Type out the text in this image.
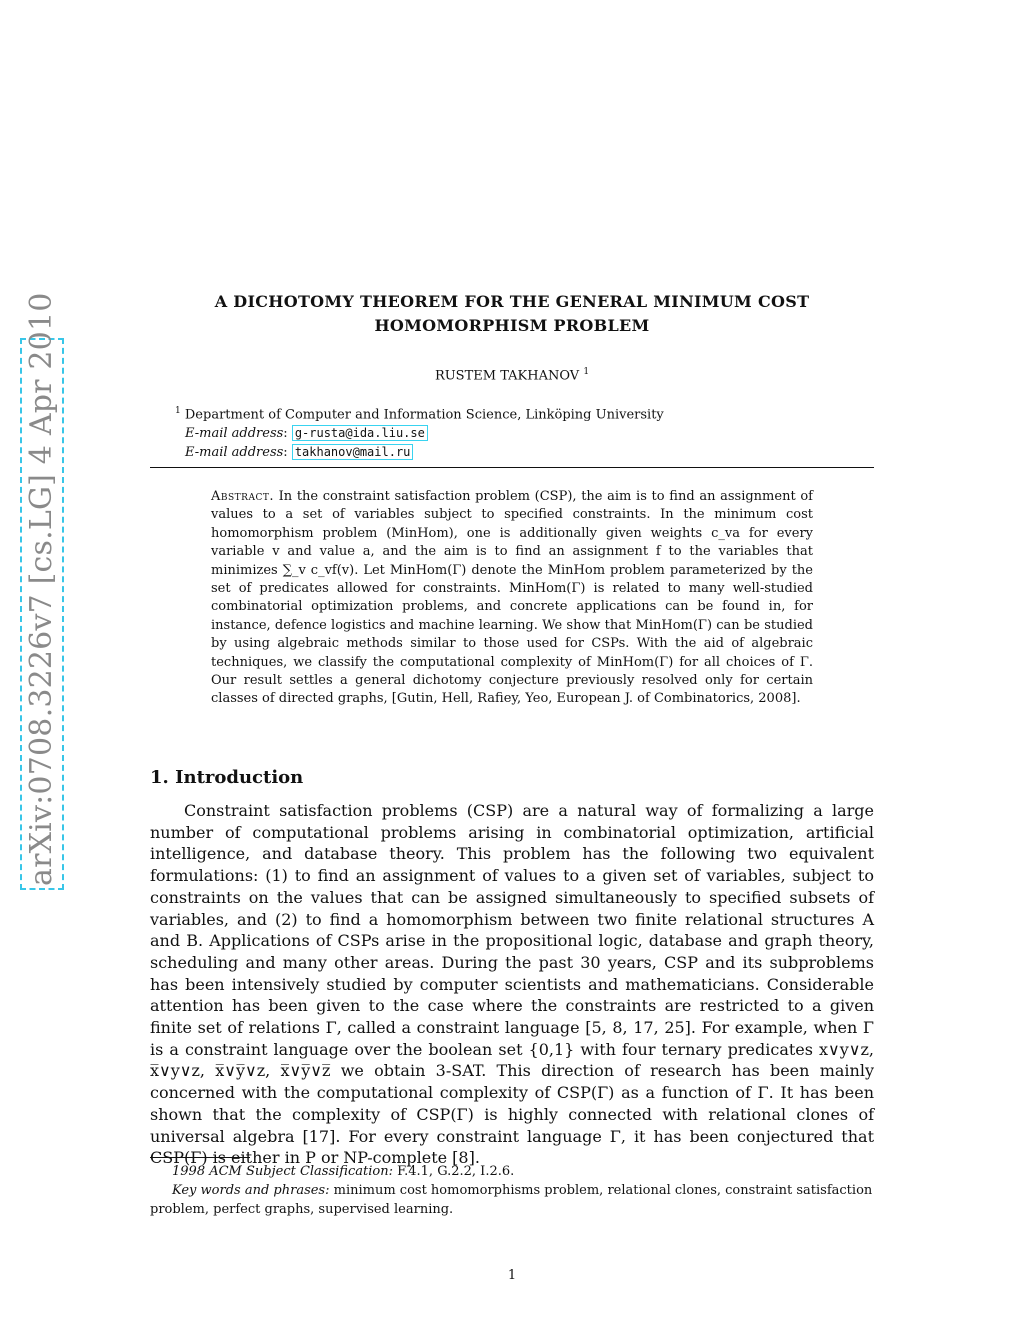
arXiv:0708.3226v7 [cs.LG] 4 Apr 2010	A DICHOTOMY THEOREM FOR THE GENERAL MINIMUM COST HOMOMORPHISM PROBLEM
RUSTEM TAKHANOV $^1$
$^1$ Department of Computer and Information Science, Linköping University
E-mail address: g-rusta@ida.liu.se
E-mail address: takhanov@mail.ru
Abstract. In the constraint satisfaction problem (CSP), the aim is to find an assignment of values to a set of variables subject to specified constraints. In the minimum cost homomorphism problem (MinHom), one is additionally given weights c_va for every variable v and value a, and the aim is to find an assignment f to the variables that minimizes ∑_v c_vf(v). Let MinHom(Γ) denote the MinHom problem parameterized by the set of predicates allowed for constraints. MinHom(Γ) is related to many well-studied combinatorial optimization problems, and concrete applications can be found in, for instance, defence logistics and machine learning. We show that MinHom(Γ) can be studied by using algebraic methods similar to those used for CSPs. With the aid of algebraic techniques, we classify the computational complexity of MinHom(Γ) for all choices of Γ. Our result settles a general dichotomy conjecture previously resolved only for certain classes of directed graphs, [Gutin, Hell, Rafiey, Yeo, European J. of Combinatorics, 2008].
1. Introduction
Constraint satisfaction problems (CSP) are a natural way of formalizing a large number of computational problems arising in combinatorial optimization, artificial intelligence, and database theory. This problem has the following two equivalent formulations: (1) to find an assignment of values to a given set of variables, subject to constraints on the values that can be assigned simultaneously to specified subsets of variables, and (2) to find a homomorphism between two finite relational structures A and B. Applications of CSPs arise in the propositional logic, database and graph theory, scheduling and many other areas. During the past 30 years, CSP and its subproblems has been intensively studied by computer scientists and mathematicians. Considerable attention has been given to the case where the constraints are restricted to a given finite set of relations Γ, called a constraint language [5, 8, 17, 25]. For example, when Γ is a constraint language over the boolean set {0,1} with four ternary predicates x∨y∨z, x̅∨y∨z, x̅∨y̅∨z, x̅∨y̅∨z̅ we obtain 3-SAT. This direction of research has been mainly concerned with the computational complexity of CSP(Γ) as a function of Γ. It has been shown that the complexity of CSP(Γ) is highly connected with relational clones of universal algebra [17]. For every constraint language Γ, it has been conjectured that CSP(Γ) is either in P or NP-complete [8].
1998 ACM Subject Classification: F.4.1, G.2.2, I.2.6.
Key words and phrases: minimum cost homomorphisms problem, relational clones, constraint satisfaction problem, perfect graphs, supervised learning.
1
